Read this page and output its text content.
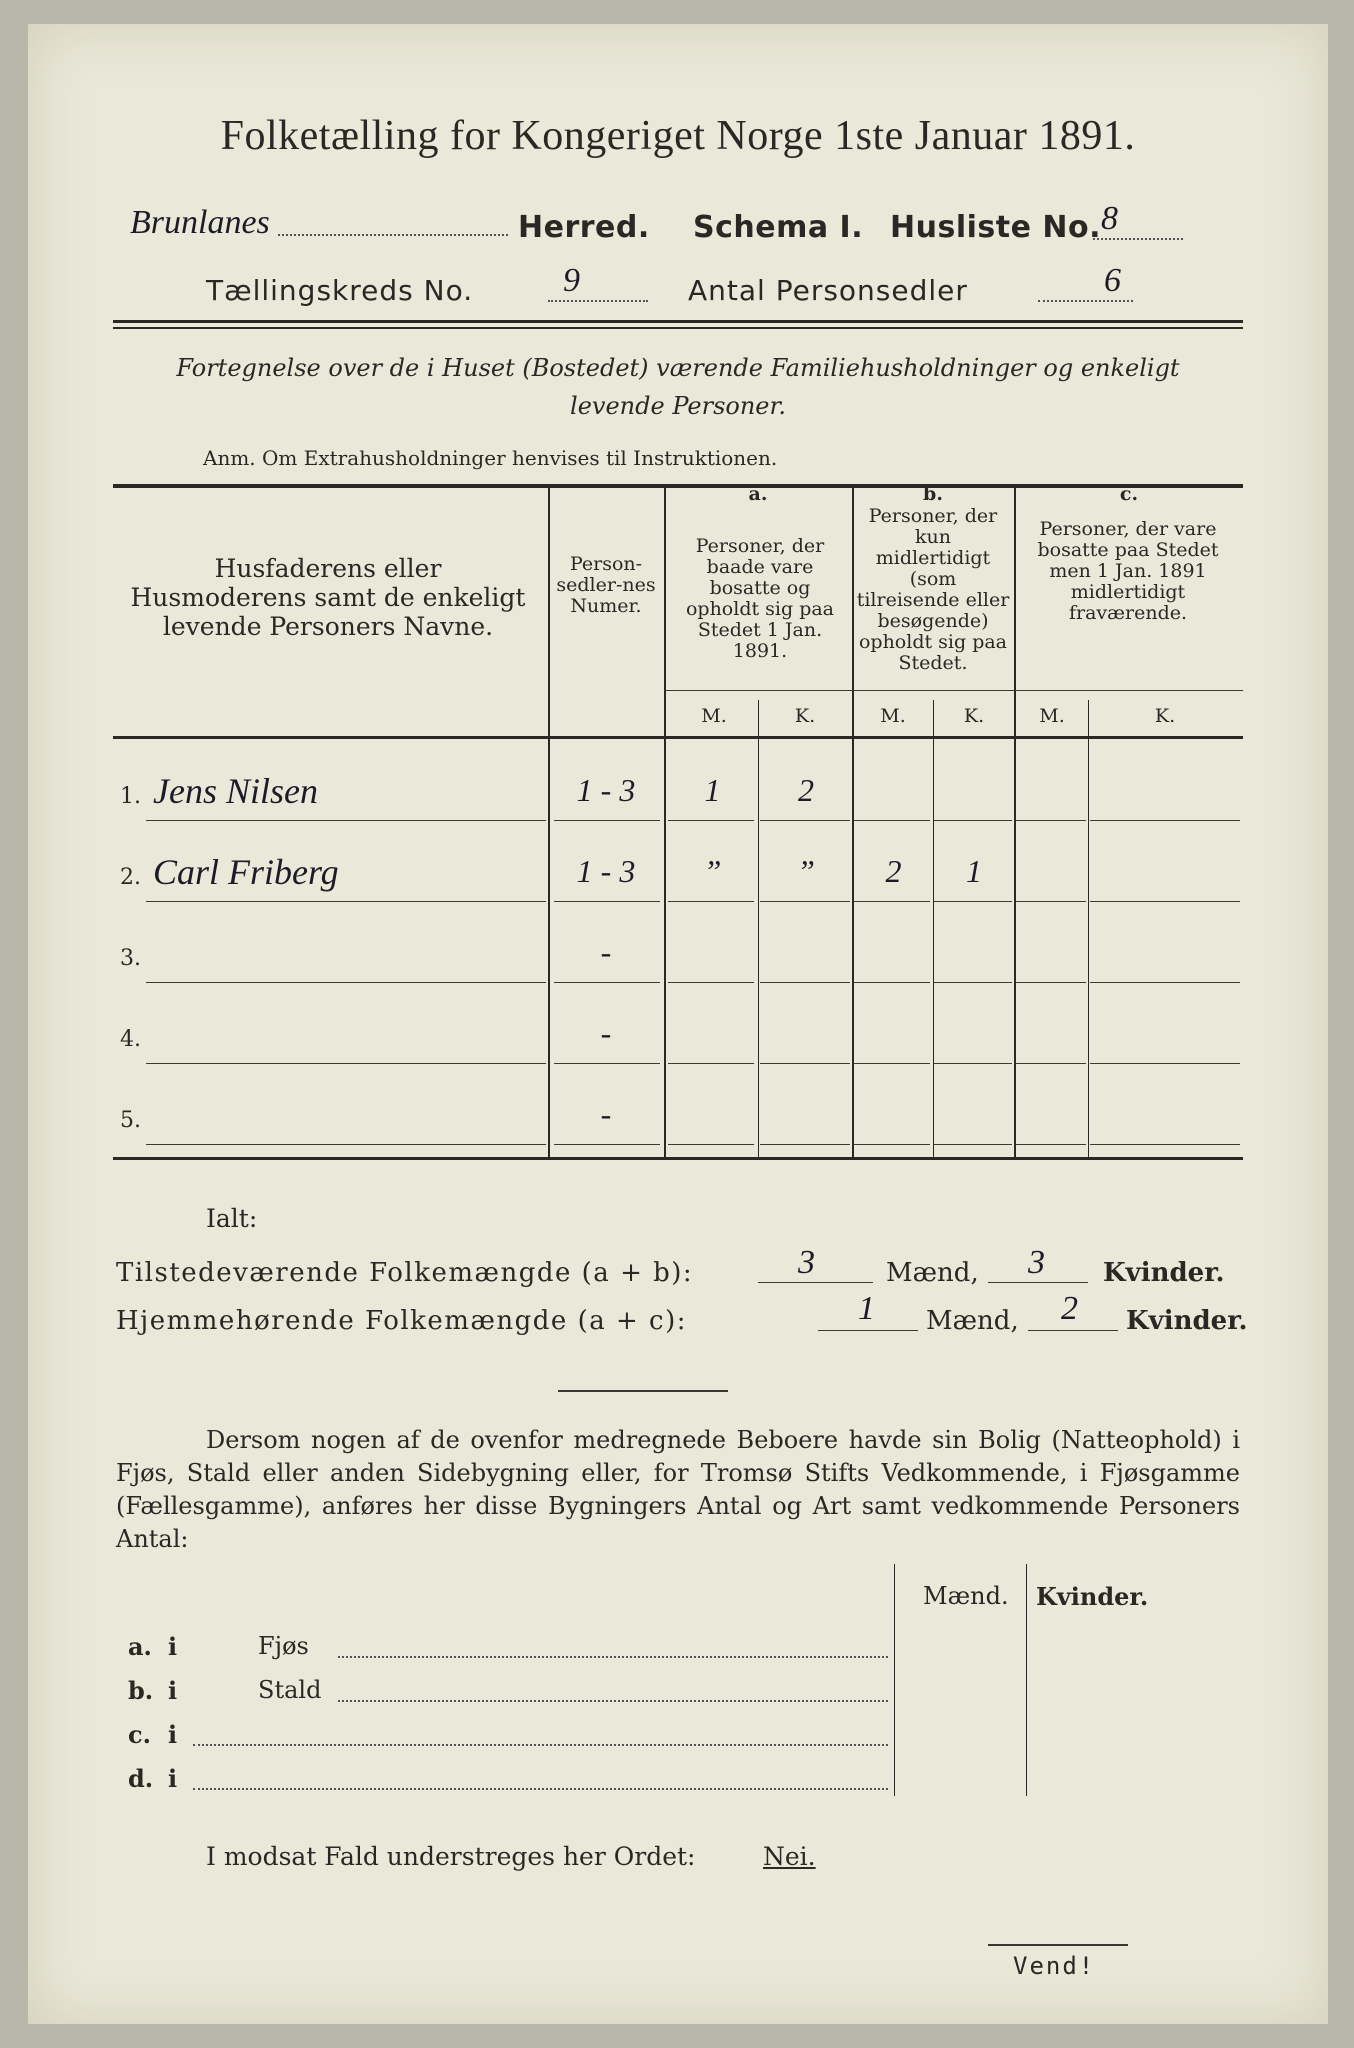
Folketælling for Kongeriget Norge 1ste Januar 1891.
Brunlanes	Herred. Schema I. Husliste No. 8
Tællingskreds No.	9	Antal Personsedler	6
Fortegnelse over de i Huset (Bostedet) værende Familiehusholdninger og enkeligt
levende Personer.
Anm. Om Extrahusholdninger henvises til Instruktionen.
Husfaderens eller Husmoderens samt de enkeligt levende Personers Navne.
Person-sedler-nes Numer.
a.
Personer, der baade vare bosatte og opholdt sig paa Stedet 1 Jan. 1891.
b.
Personer, der kun midlertidigt (som tilreisende eller besøgende) opholdt sig paa Stedet.
c.
Personer, der vare bosatte paa Stedet men 1 Jan. 1891 midlertidigt fraværende.
M.	K.	M.	K.	M.	K.
1. Jens Nilsen	1 - 3	1	2
2. Carl Friberg	1 - 3	”	”	2	1
3.	-
4.	-
5.	-
Ialt:
Tilstedeværende Folkemængde (a + b):	3	Mænd, 3 Kvinder.
Hjemmehørende Folkemængde (a + c):	1 Mænd, 2 Kvinder.
Dersom nogen af de ovenfor medregnede Beboere havde sin Bolig (Natteophold) i Fjøs, Stald eller anden Sidebygning eller, for Tromsø Stifts Vedkommende, i Fjøsgamme (Fællesgamme), anføres her disse Bygningers Antal og Art samt vedkommende Personers Antal:
Mænd. Kvinder.
a. i	Fjøs
b. i	Stald
c. i
d. i
I modsat Fald understreges her Ordet:	Nei.
Vend!
